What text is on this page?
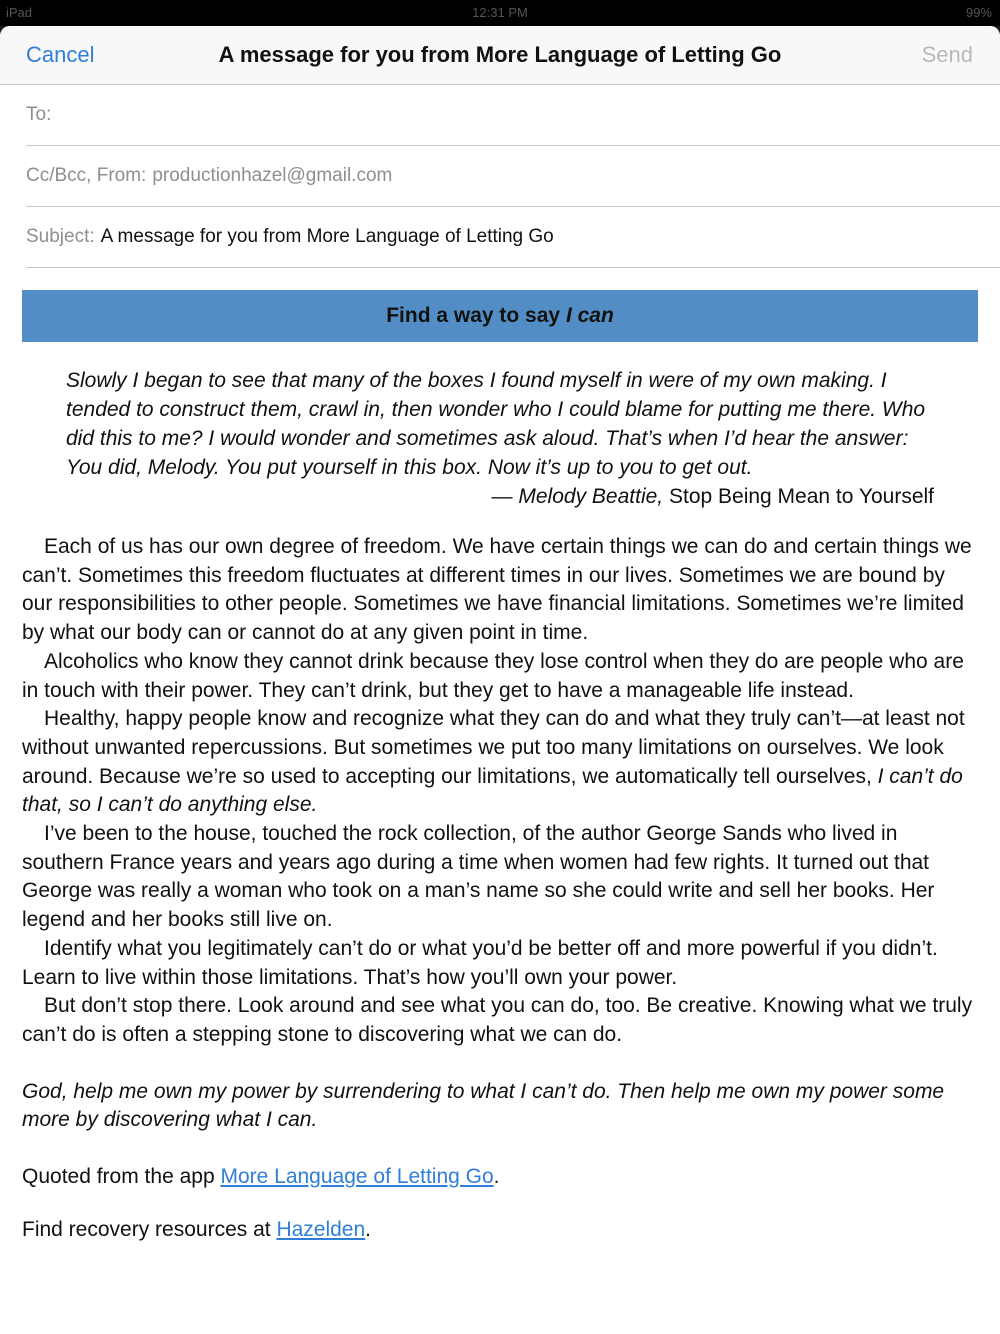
iPad	12:31 PM	99%
Cancel	A message for you from More Language of Letting Go	Send
To:
Cc/Bcc, From: productionhazel@gmail.com
Subject: A message for you from More Language of Letting Go
Find a way to say I can
Slowly I began to see that many of the boxes I found myself in were of my own making. I tended to construct them, crawl in, then wonder who I could blame for putting me there. Who did this to me? I would wonder and sometimes ask aloud. That’s when I’d hear the answer: You did, Melody. You put yourself in this box. Now it’s up to you to get out.
— Melody Beattie, Stop Being Mean to Yourself

Each of us has our own degree of freedom. We have certain things we can do and certain things we can’t. Sometimes this freedom fluctuates at different times in our lives. Sometimes we are bound by our responsibilities to other people. Sometimes we have financial limitations. Sometimes we’re limited by what our body can or cannot do at any given point in time.

Alcoholics who know they cannot drink because they lose control when they do are people who are in touch with their power. They can’t drink, but they get to have a manageable life instead.

Healthy, happy people know and recognize what they can do and what they truly can’t—at least not without unwanted repercussions. But sometimes we put too many limitations on ourselves. We look around. Because we’re so used to accepting our limitations, we automatically tell ourselves, I can’t do that, so I can’t do anything else.

I’ve been to the house, touched the rock collection, of the author George Sands who lived in southern France years and years ago during a time when women had few rights. It turned out that George was really a woman who took on a man’s name so she could write and sell her books. Her legend and her books still live on.

Identify what you legitimately can’t do or what you’d be better off and more powerful if you didn’t. Learn to live within those limitations. That’s how you’ll own your power.

But don’t stop there. Look around and see what you can do, too. Be creative. Knowing what we truly can’t do is often a stepping stone to discovering what we can do.

God, help me own my power by surrendering to what I can’t do. Then help me own my power some more by discovering what I can.
Quoted from the app More Language of Letting Go.
Find recovery resources at Hazelden.
